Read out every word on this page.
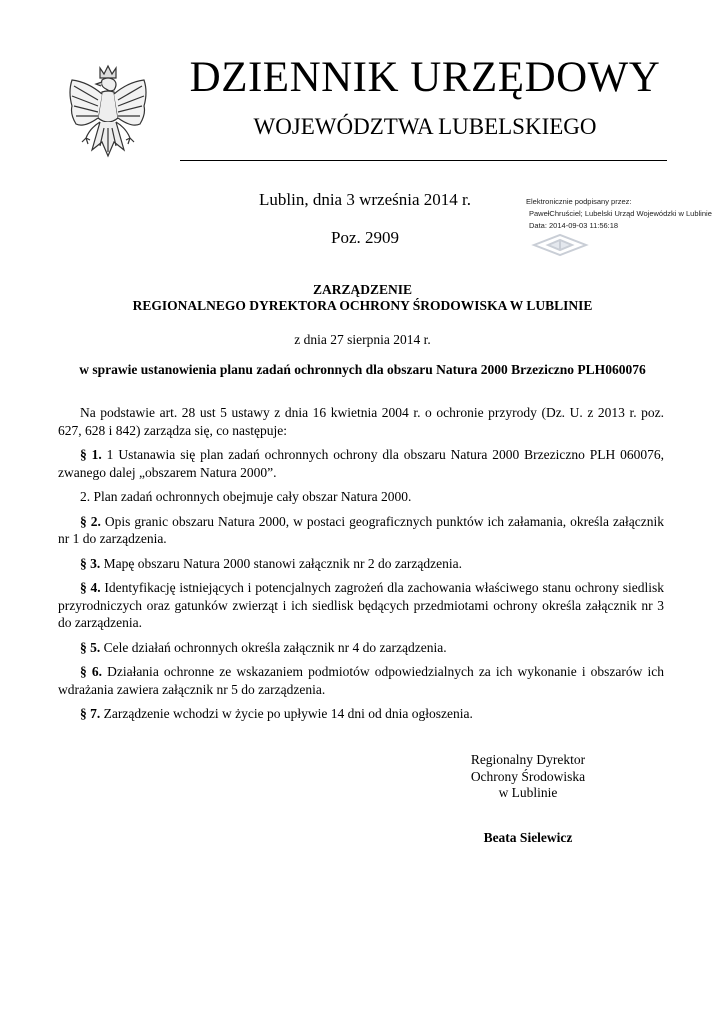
DZIENNIK URZĘDOWY
WOJEWÓDZTWA LUBELSKIEGO
Lublin, dnia 3 września 2014 r.
Poz. 2909
Elektronicznie podpisany przez:
PawełChruściel; Lubelski Urząd Wojewódzki w Lublinie
Data: 2014-09-03 11:56:18
ZARZĄDZENIE
REGIONALNEGO DYREKTORA OCHRONY ŚRODOWISKA W LUBLINIE
z dnia 27 sierpnia 2014 r.
w sprawie ustanowienia planu zadań ochronnych dla obszaru Natura 2000 Brzeziczno PLH060076

Na podstawie art. 28 ust 5 ustawy z dnia 16 kwietnia 2004 r. o ochronie przyrody (Dz. U. z 2013 r. poz. 627, 628 i 842) zarządza się, co następuje:

§ 1. 1 Ustanawia się plan zadań ochronnych ochrony dla obszaru Natura 2000 Brzeziczno PLH 060076, zwanego dalej „obszarem Natura 2000”.

2. Plan zadań ochronnych obejmuje cały obszar Natura 2000.

§ 2. Opis granic obszaru Natura 2000, w postaci geograficznych punktów ich załamania, określa załącznik nr 1 do zarządzenia.

§ 3. Mapę obszaru Natura 2000 stanowi załącznik nr 2 do zarządzenia.

§ 4. Identyfikację istniejących i potencjalnych zagrożeń dla zachowania właściwego stanu ochrony siedlisk przyrodniczych oraz gatunków zwierząt i ich siedlisk będących przedmiotami ochrony określa załącznik nr 3 do zarządzenia.

§ 5. Cele działań ochronnych określa załącznik nr 4 do zarządzenia.

§ 6. Działania ochronne ze wskazaniem podmiotów odpowiedzialnych za ich wykonanie i obszarów ich wdrażania zawiera załącznik nr 5 do zarządzenia.

§ 7. Zarządzenie wchodzi w życie po upływie 14 dni od dnia ogłoszenia.

Regionalny Dyrektor
Ochrony Środowiska
w Lublinie
Beata Sielewicz
